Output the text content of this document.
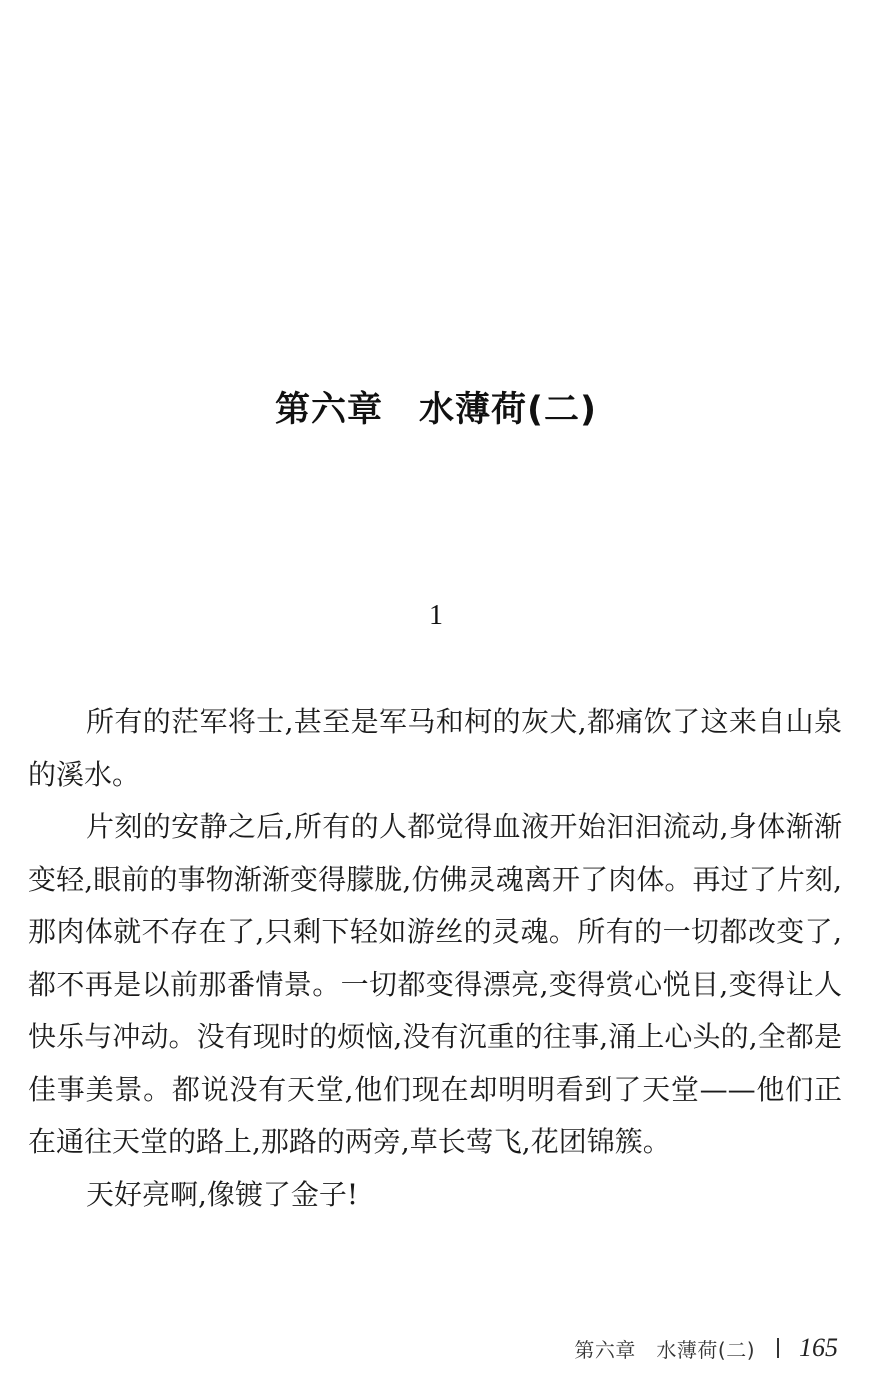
第六章　水薄荷(二)
1

所有的茫军将士,甚至是军马和柯的灰犬,都痛饮了这来自山泉的溪水。

片刻的安静之后,所有的人都觉得血液开始汩汩流动,身体渐渐变轻,眼前的事物渐渐变得朦胧,仿佛灵魂离开了肉体。再过了片刻,那肉体就不存在了,只剩下轻如游丝的灵魂。所有的一切都改变了,都不再是以前那番情景。一切都变得漂亮,变得赏心悦目,变得让人快乐与冲动。没有现时的烦恼,没有沉重的往事,涌上心头的,全都是佳事美景。都说没有天堂,他们现在却明明看到了天堂——他们正在通往天堂的路上,那路的两旁,草长莺飞,花团锦簇。

天好亮啊,像镀了金子!

第六章　水薄荷(二) 165
